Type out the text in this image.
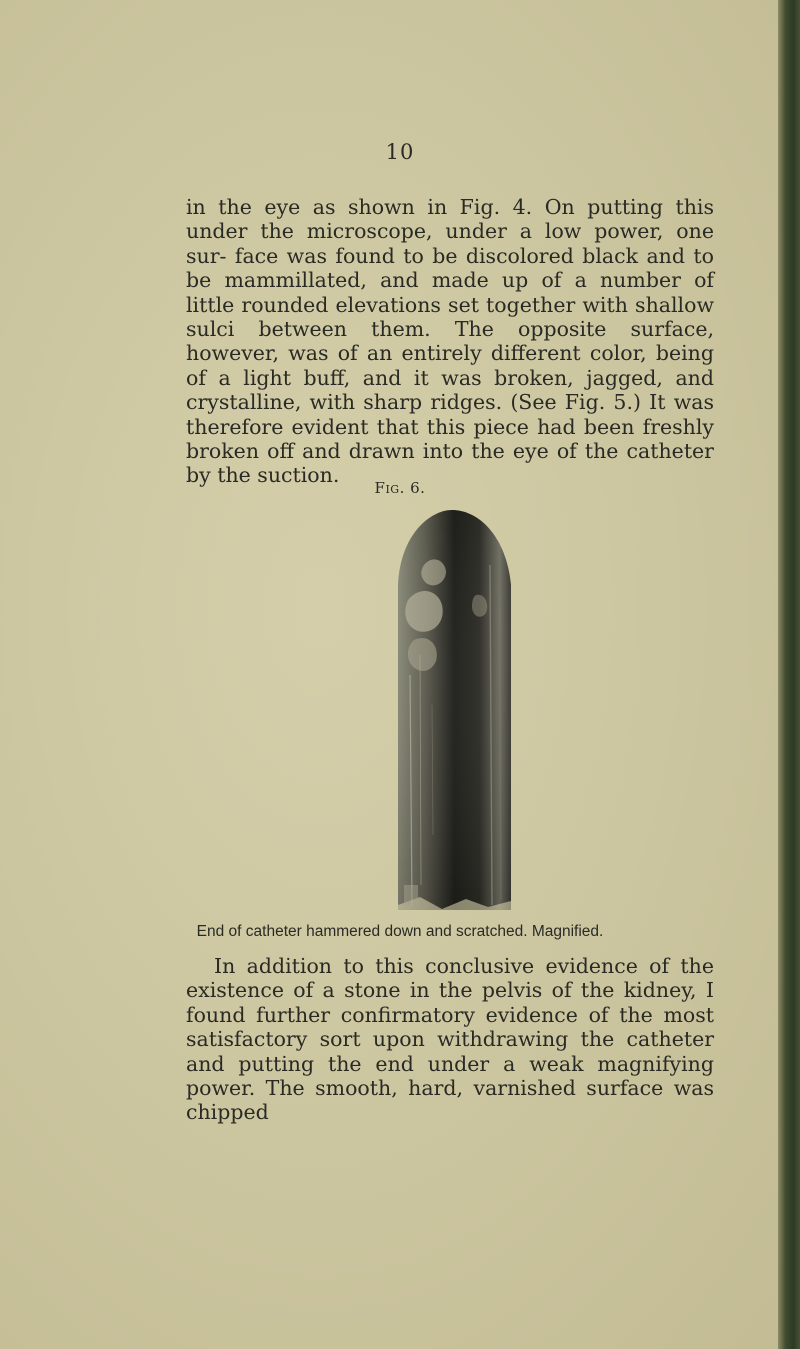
10

in the eye as shown in Fig. 4. On putting this under the microscope, under a low power, one sur- face was found to be discolored black and to be mammillated, and made up of a number of little rounded elevations set together with shallow sulci between them. The opposite surface, however, was of an entirely different color, being of a light buff, and it was broken, jagged, and crystalline, with sharp ridges. (See Fig. 5.) It was therefore evident that this piece had been freshly broken off and drawn into the eye of the catheter by the suction.

Fig. 6.
End of catheter hammered down and scratched. Magnified.

In addition to this conclusive evidence of the existence of a stone in the pelvis of the kidney, I found further confirmatory evidence of the most satisfactory sort upon withdrawing the catheter and putting the end under a weak magnifying power. The smooth, hard, varnished surface was chipped
